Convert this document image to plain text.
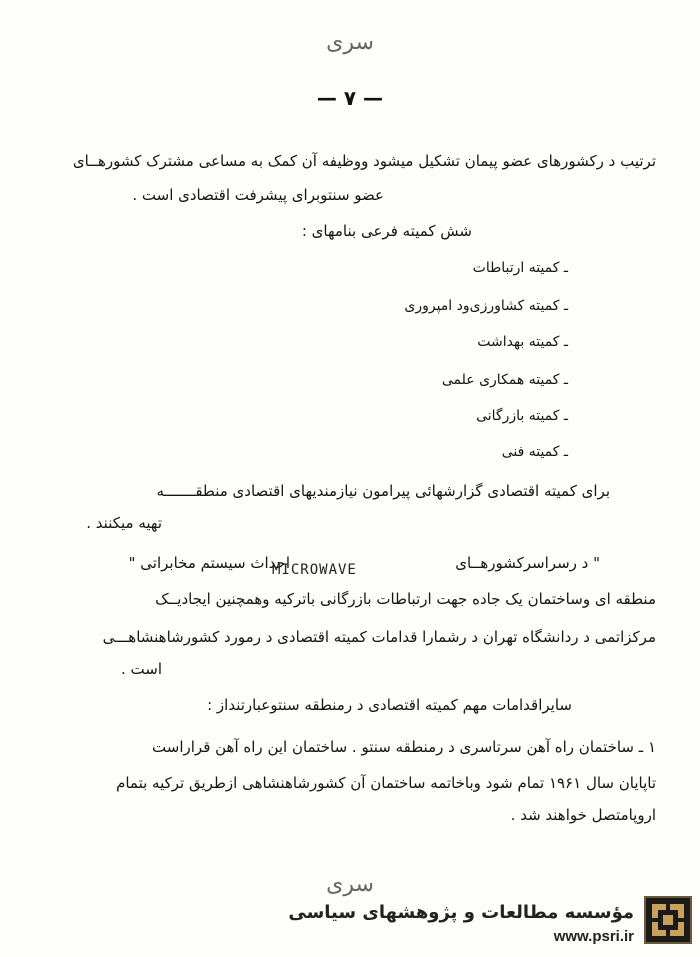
سری
— ۷ —
ترتیب د رکشورهای عضو پیمان تشکیل میشود ووظیفه آن کمک به مساعی مشترک کشورهــای
عضو سنتوبرای پیشرفت اقتصادی است .
شش کمیته فرعی بنامهای :
ـ کمیته ارتباطات
ـ کمیته کشاورزی‌ود امپروری
ـ کمیته بهداشت
ـ کمیته همکاری علمی
ـ کمیته بازرگانی
ـ کمیته فنی
برای کمیته اقتصادی گزارشهائی پیرامون نیازمندیهای اقتصادی منطقـــــــه
تهیه میکنند .
احداث سیستم مخابراتی "
MICROWAVE	" د رسراسرکشورهــای
منطقه ای وساختمان یک جاده جهت ارتباطات بازرگانی باترکیه وهمچنین ایجادیــک
مرکزاتمی د ردانشگاه تهران د رشمارا قدامات کمیته اقتصادی د رمورد کشورشاهنشاهـــی
است .
سایراقدامات مهم کمیته اقتصادی د رمنطقه سنتوعبارتنداز :
۱ ـ ساختمان راه آهن سرتاسری د رمنطقه سنتو . ساختمان این راه آهن قراراست
تاپایان سال ۱۹۶۱ تمام شود وباخاتمه ساختمان آن کشورشاهنشاهی ازطریق ترکیه بتمام
اروپامتصل خواهند شد .
سری
مؤسسه مطالعات و پژوهشهای سیاسی
www.psri.ir
